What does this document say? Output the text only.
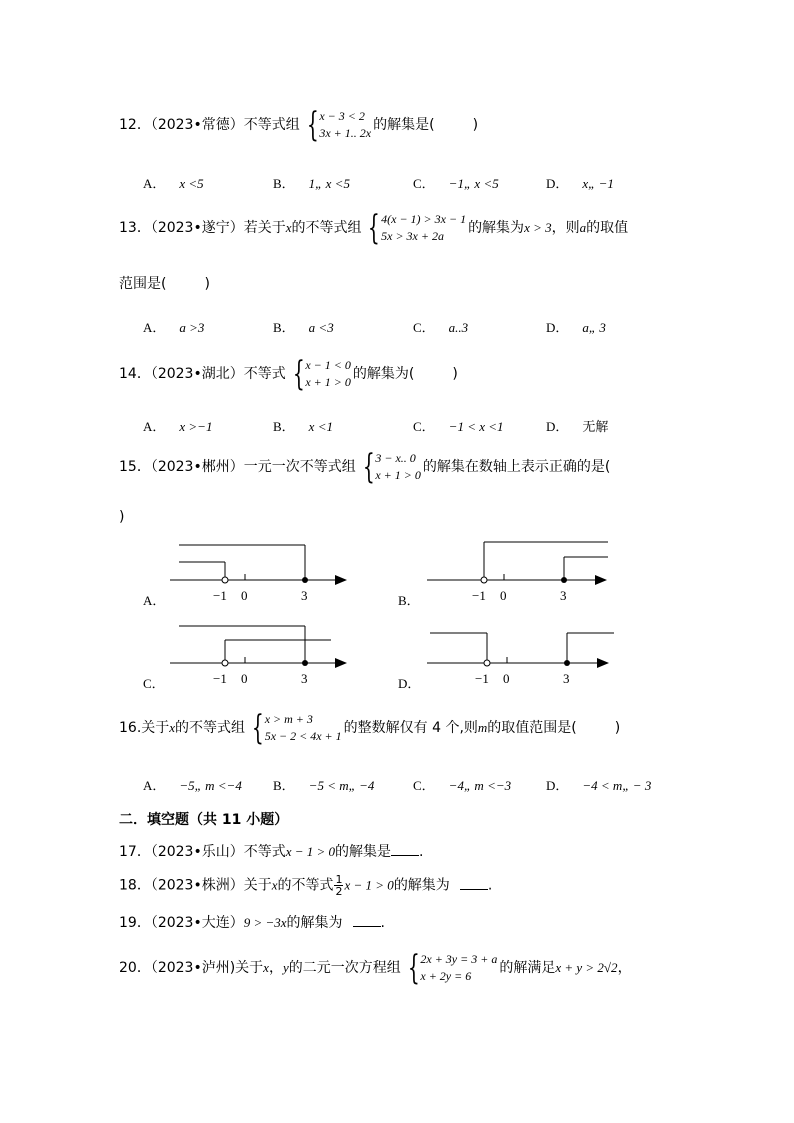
12．（2023•常德）不等式组 { x − 3 < 2
3x + 1.. 2x 的解集是(	)
A． x <5	B． 1„ x <5	C． −1„ x <5	D． x„ −1
13．（2023•遂宁）若关于x的不等式组 { 4(x − 1) > 3x − 1
5x > 3x + 2a	的解集为x > 3，则a的取值
范围是(	)
A． a >3	B． a <3	C． a..3	D． a„ 3
14．（2023•湖北）不等式 { x − 1 < 0
x + 1 > 0 的解集为(	)
A． x >−1	B． x <1	C． −1 < x <1	D． 无解
15．（2023•郴州）一元一次不等式组 { 3 − x.. 0
x + 1 > 0 的解集在数轴上表示正确的是(
)
A．	−1 0	3	B．	−1 0	3
C．	−1 0	3	D．	−1 0	3
16.关于x的不等式组 { x > m + 3
5x − 2 < 4x + 1 的整数解仅有 4 个,则m的取值范围是(	)
A． −5„ m <−4 B． −5 < m„ −4	C． −4„ m <−3	D． −4 < m„ − 3
二．填空题（共 11 小题）
17．（2023•乐山）不等式x − 1 > 0的解集是 .
18．（2023•株洲）关于x的不等式 $\frac{1}{2}$ x − 1 > 0的解集为	.
19．（2023•大连）9 > −3x的解集为	.
20．（2023•泸州)关于x，y的二元一次方程组 { 2x + 3y = 3 + a
x + 2y = 6	的解满足x + y > 2√2，
